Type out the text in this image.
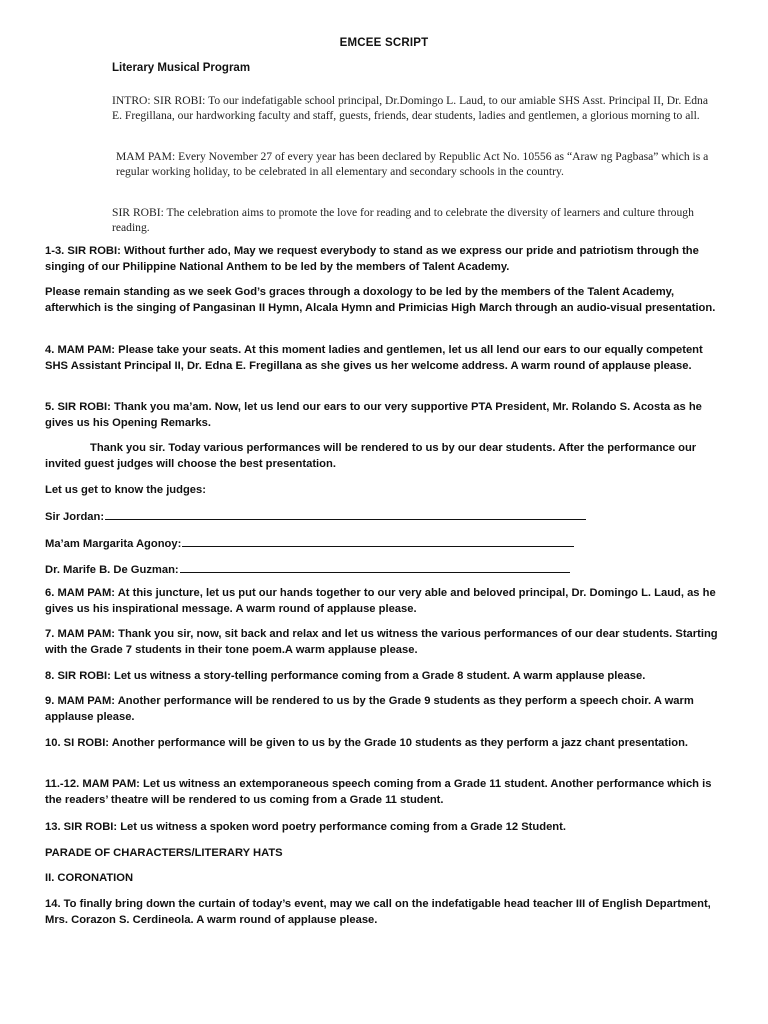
EMCEE SCRIPT
Literary Musical Program
INTRO: SIR ROBI: To our indefatigable school principal, Dr.Domingo L. Laud, to our amiable SHS Asst. Principal II, Dr. Edna E. Fregillana, our hardworking faculty and staff, guests, friends, dear students, ladies and gentlemen, a glorious morning to all.
MAM PAM: Every November 27 of every year has been declared by Republic Act No. 10556 as “Araw ng Pagbasa” which is a regular working holiday, to be celebrated in all elementary and secondary schools in the country.
SIR ROBI: The celebration aims to promote the love for reading and to celebrate the diversity of learners and culture through reading.
1-3. SIR ROBI: Without further ado, May we request everybody to stand as we express our pride and patriotism through the singing of our Philippine National Anthem to be led by the members of Talent Academy.
Please remain standing as we seek God’s graces through a doxology to be led by the members of the Talent Academy, afterwhich is the singing of Pangasinan II Hymn, Alcala Hymn and Primicias High March through an audio-visual presentation.
4. MAM PAM: Please take your seats. At this moment ladies and gentlemen, let us all lend our ears to our equally competent SHS Assistant Principal II, Dr. Edna E. Fregillana as she gives us her welcome address. A warm round of applause please.
5. SIR ROBI: Thank you ma’am. Now, let us lend our ears to our very supportive PTA President, Mr. Rolando S. Acosta as he gives us his Opening Remarks.
Thank you sir. Today various performances will be rendered to us by our dear students. After the performance our invited guest judges will choose the best presentation.
Let us get to know the judges:
Sir Jordan:
Ma’am Margarita Agonoy:
Dr. Marife B. De Guzman:
6. MAM PAM: At this juncture, let us put our hands together to our very able and beloved principal, Dr. Domingo L. Laud, as he gives us his inspirational message. A warm round of applause please.
7. MAM PAM: Thank you sir, now, sit back and relax and let us witness the various performances of our dear students. Starting with the Grade 7 students in their tone poem.A warm applause please.
8. SIR ROBI: Let us witness a story-telling performance coming from a Grade 8 student. A warm applause please.
9. MAM PAM: Another performance will be rendered to us by the Grade 9 students as they perform a speech choir. A warm applause please.
10. SI ROBI: Another performance will be given to us by the Grade 10 students as they perform a jazz chant presentation.
11.-12. MAM PAM: Let us witness an extemporaneous speech coming from a Grade 11 student. Another performance which is the readers’ theatre will be rendered to us coming from a Grade 11 student.
13. SIR ROBI: Let us witness a spoken word poetry performance coming from a Grade 12 Student.
PARADE OF CHARACTERS/LITERARY HATS
II. CORONATION
14. To finally bring down the curtain of today’s event, may we call on the indefatigable head teacher III of English Department, Mrs. Corazon S. Cerdineola. A warm round of applause please.
